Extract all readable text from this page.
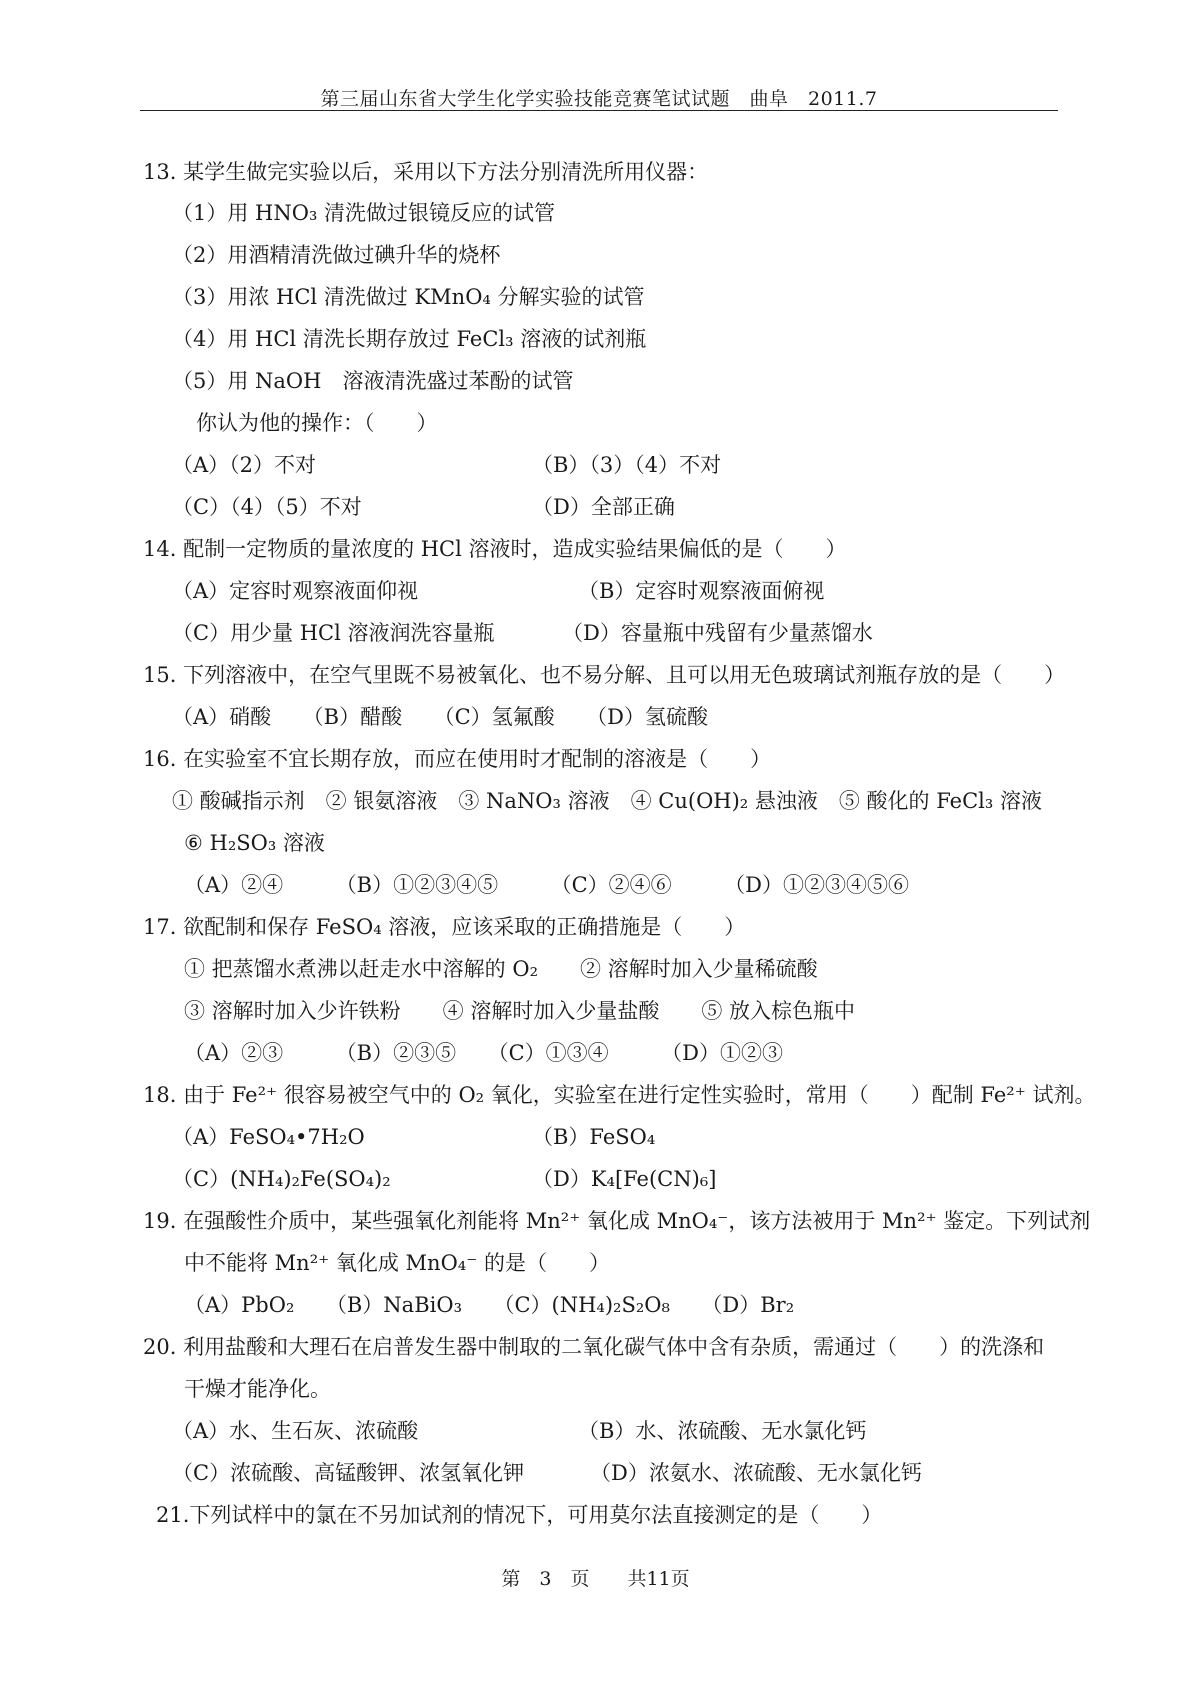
第三届山东省大学生化学实验技能竞赛笔试试题　曲阜　2011.7
13. 某学生做完实验以后，采用以下方法分别清洗所用仪器：
（1）用 HNO₃ 清洗做过银镜反应的试管
（2）用酒精清洗做过碘升华的烧杯
（3）用浓 HCl 清洗做过 KMnO₄ 分解实验的试管
（4）用 HCl 清洗长期存放过 FeCl₃ 溶液的试剂瓶
（5）用 NaOH　溶液清洗盛过苯酚的试管
你认为他的操作：（　　）
（A）（2）不对	（B）（3）（4）不对
（C）（4）（5）不对	（D）全部正确
14. 配制一定物质的量浓度的 HCl 溶液时，造成实验结果偏低的是（　　）
（A）定容时观察液面仰视	（B）定容时观察液面俯视
（C）用少量 HCl 溶液润洗容量瓶	（D）容量瓶中残留有少量蒸馏水
15. 下列溶液中，在空气里既不易被氧化、也不易分解、且可以用无色玻璃试剂瓶存放的是（　　）
（A）硝酸　　（B）醋酸　　（C）氢氟酸　　（D）氢硫酸
16. 在实验室不宜长期存放，而应在使用时才配制的溶液是（　　）
① 酸碱指示剂　② 银氨溶液　③ NaNO₃ 溶液　④ Cu(OH)₂ 悬浊液　⑤ 酸化的 FeCl₃ 溶液
⑥ H₂SO₃ 溶液
（A）②④　　　（B）①②③④⑤　　　（C）②④⑥　　　（D）①②③④⑤⑥
17. 欲配制和保存 FeSO₄ 溶液，应该采取的正确措施是（　　）
① 把蒸馏水煮沸以赶走水中溶解的 O₂　　② 溶解时加入少量稀硫酸
③ 溶解时加入少许铁粉　　④ 溶解时加入少量盐酸　　⑤ 放入棕色瓶中
（A）②③　　　（B）②③⑤　　（C）①③④　　　（D）①②③
18. 由于 Fe²⁺ 很容易被空气中的 O₂ 氧化，实验室在进行定性实验时，常用（　　）配制 Fe²⁺ 试剂。
（A）FeSO₄•7H₂O	（B）FeSO₄
（C）(NH₄)₂Fe(SO₄)₂	（D）K₄[Fe(CN)₆]
19. 在强酸性介质中，某些强氧化剂能将 Mn²⁺ 氧化成 MnO₄⁻，该方法被用于 Mn²⁺ 鉴定。下列试剂
中不能将 Mn²⁺ 氧化成 MnO₄⁻ 的是（　　）
（A）PbO₂　　（B）NaBiO₃　　（C）(NH₄)₂S₂O₈　　（D）Br₂
20. 利用盐酸和大理石在启普发生器中制取的二氧化碳气体中含有杂质，需通过（　　）的洗涤和
干燥才能净化。
（A）水、生石灰、浓硫酸	（B）水、浓硫酸、无水氯化钙
（C）浓硫酸、高锰酸钾、浓氢氧化钾	（D）浓氨水、浓硫酸、无水氯化钙
21.下列试样中的氯在不另加试剂的情况下，可用莫尔法直接测定的是（　　）
第　3　页　　共11页
